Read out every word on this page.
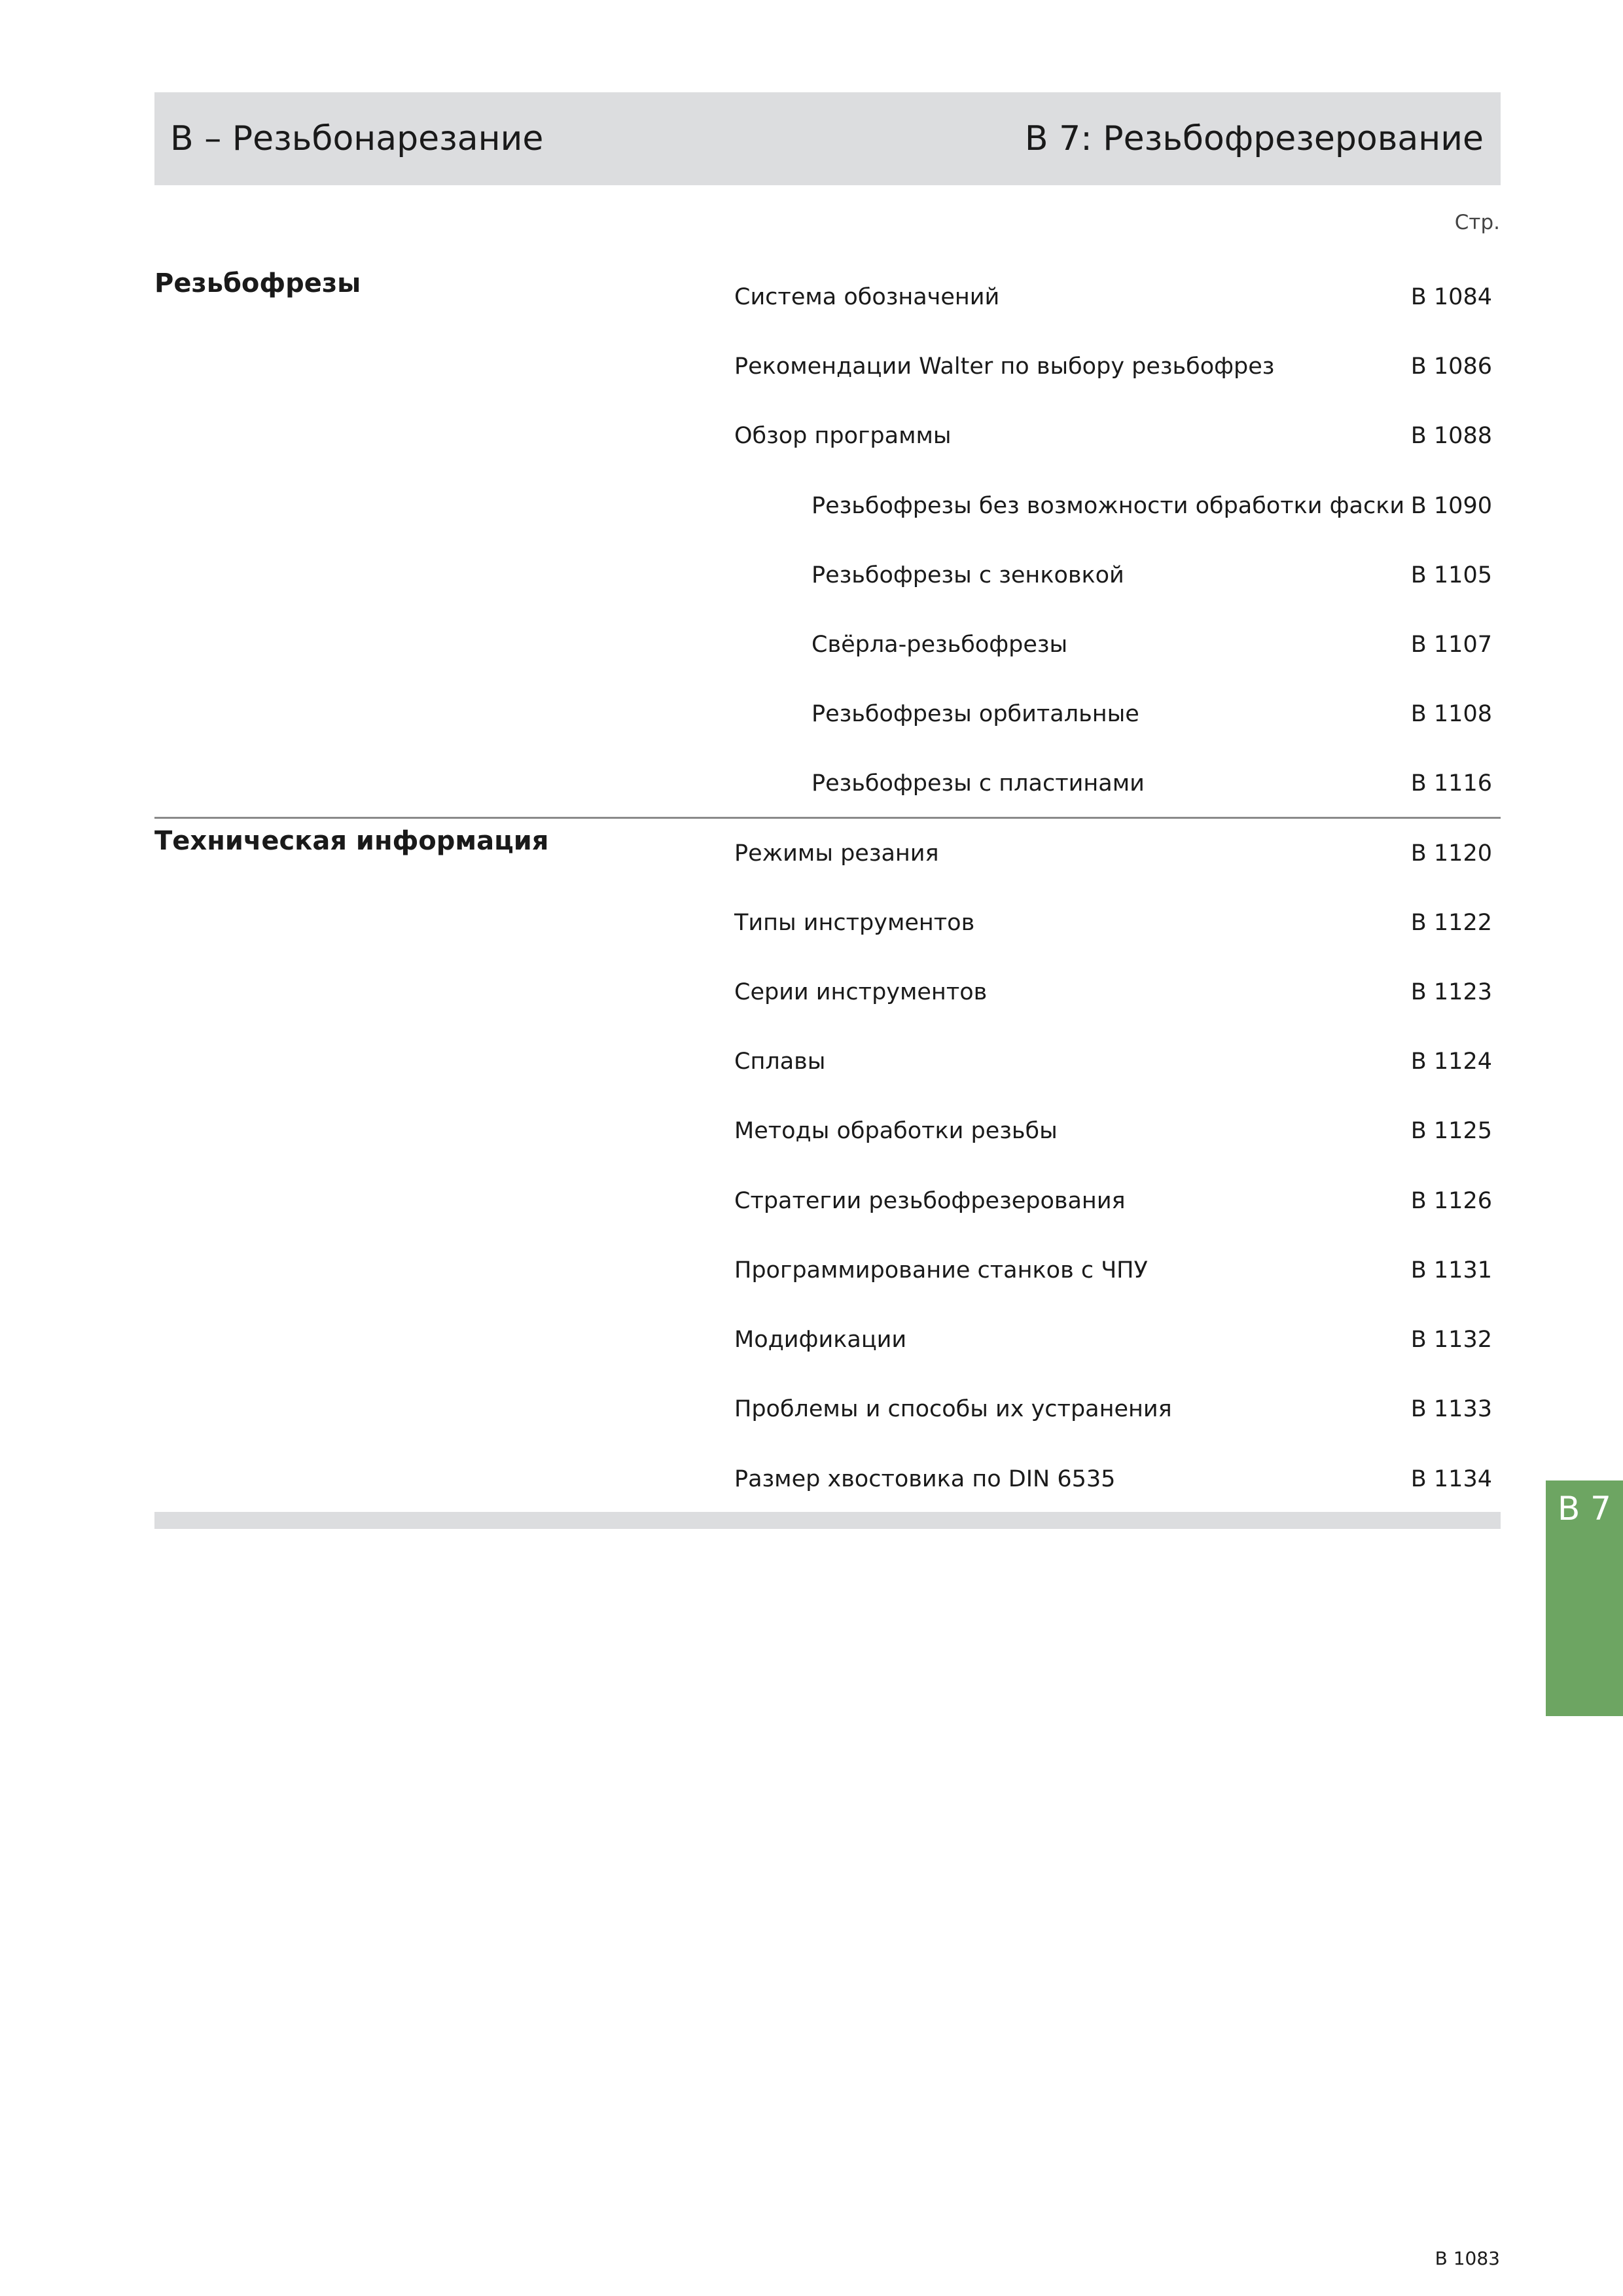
B – Резьбонарезание	B 7: Резьбофрезерование
Стр.
Резьбофрезы	Система обозначений	B 1084
Рекомендации Walter по выбору резьбофрез	B 1086
Обзор программы	B 1088
Резьбофрезы без возможности обработки фаски B 1090
Резьбофрезы с зенковкой	B 1105
Свёрла-резьбофрезы	B 1107
Резьбофрезы орбитальные	B 1108
Резьбофрезы с пластинами	B 1116
Техническая информация	Режимы резания	B 1120
Типы инструментов	B 1122
Серии инструментов	B 1123
Сплавы	B 1124
Методы обработки резьбы	B 1125
Стратегии резьбофрезерования	B 1126
Программирование станков с ЧПУ	B 1131
Модификации	B 1132
Проблемы и способы их устранения	B 1133
Размер хвостовика по DIN 6535	B 1134
B 7
B 1083
